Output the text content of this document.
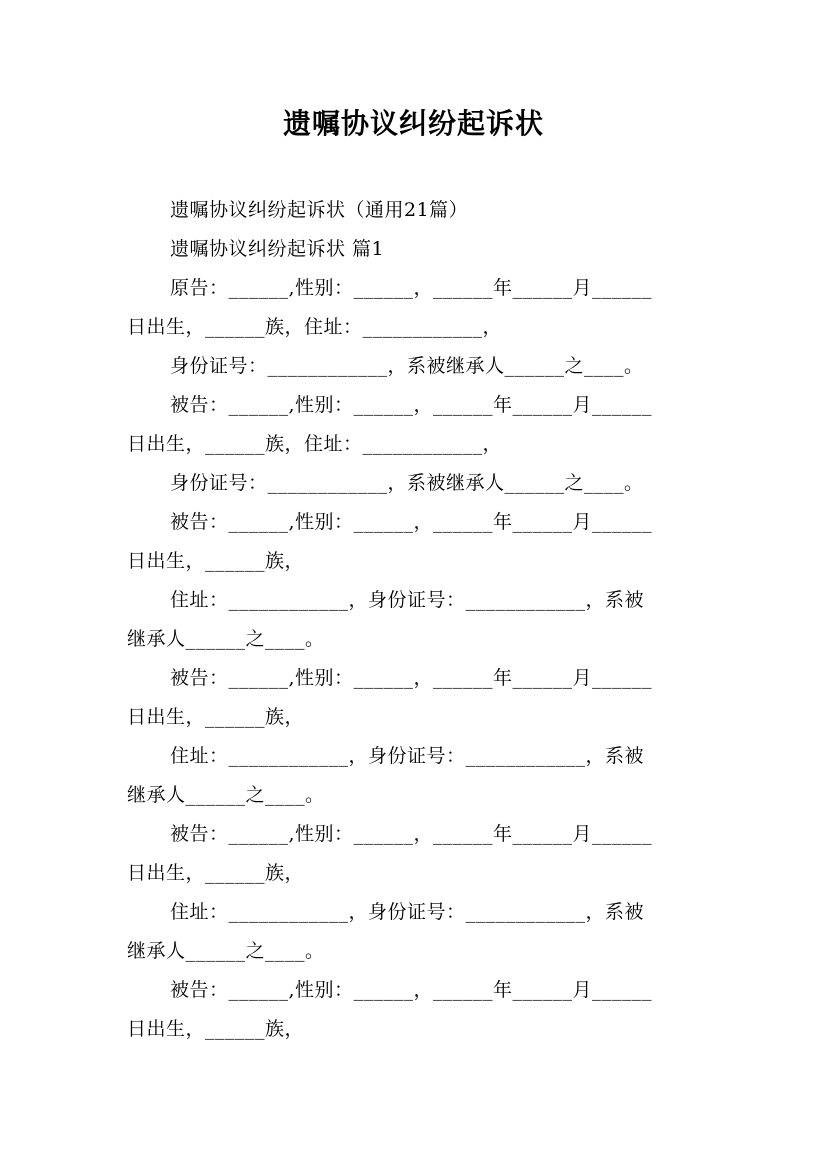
遗嘱协议纠纷起诉状
遗嘱协议纠纷起诉状（通用21篇）
遗嘱协议纠纷起诉状 篇1
原告：______,性别：______，______年______月______
日出生，______族，住址：____________，
身份证号：____________，系被继承人______之____。
被告：______,性别：______，______年______月______
日出生，______族，住址：____________，
身份证号：____________，系被继承人______之____。
被告：______,性别：______，______年______月______
日出生，______族，
住址：____________，身份证号：____________，系被
继承人______之____。
被告：______,性别：______，______年______月______
日出生，______族，
住址：____________，身份证号：____________，系被
继承人______之____。
被告：______,性别：______，______年______月______
日出生，______族，
住址：____________，身份证号：____________，系被
继承人______之____。
被告：______,性别：______，______年______月______
日出生，______族，
